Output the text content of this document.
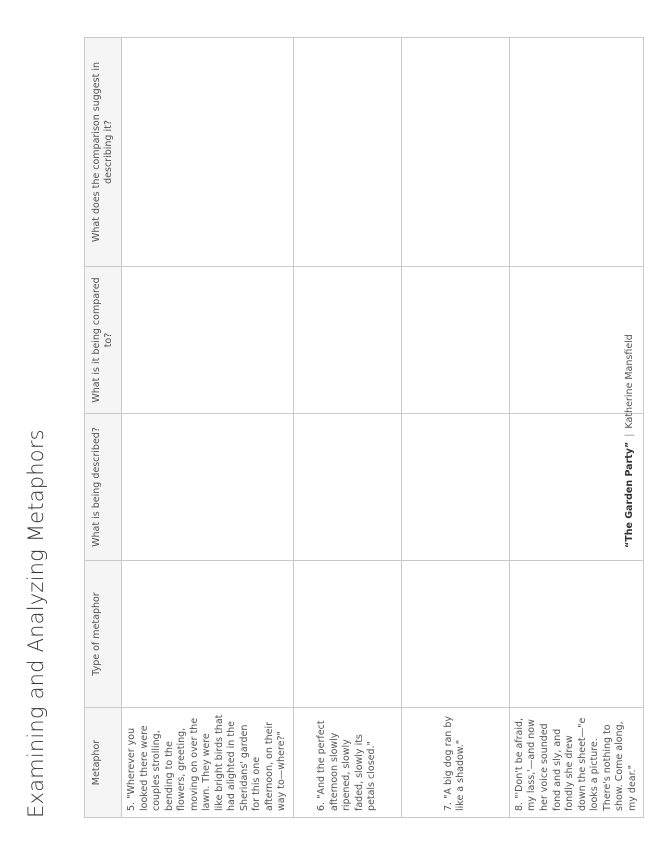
Examining and Analyzing Metaphors	Metaphor	Type of metaphor	What is being described?	What is it being compared to?	What does the comparison suggest in describing it?

5. "Wherever you looked there were couples strolling, bending to the flowers, greeting, moving on over the lawn. They were like bright birds that had alighted in the Sheridans' garden for this one afternoon, on their way to—where?"				

6. "And the perfect afternoon slowly ripened, slowly faded, slowly its petals closed."				

7. "A big dog ran by like a shadow."				

8. "'Don't be afraid, my lass,'—and now her voice sounded fond and sly, and fondly she drew down the sheet—"e looks a picture. There's nothing to show. Come along, my dear."				

“The Garden Party”|Katherine Mansfield
